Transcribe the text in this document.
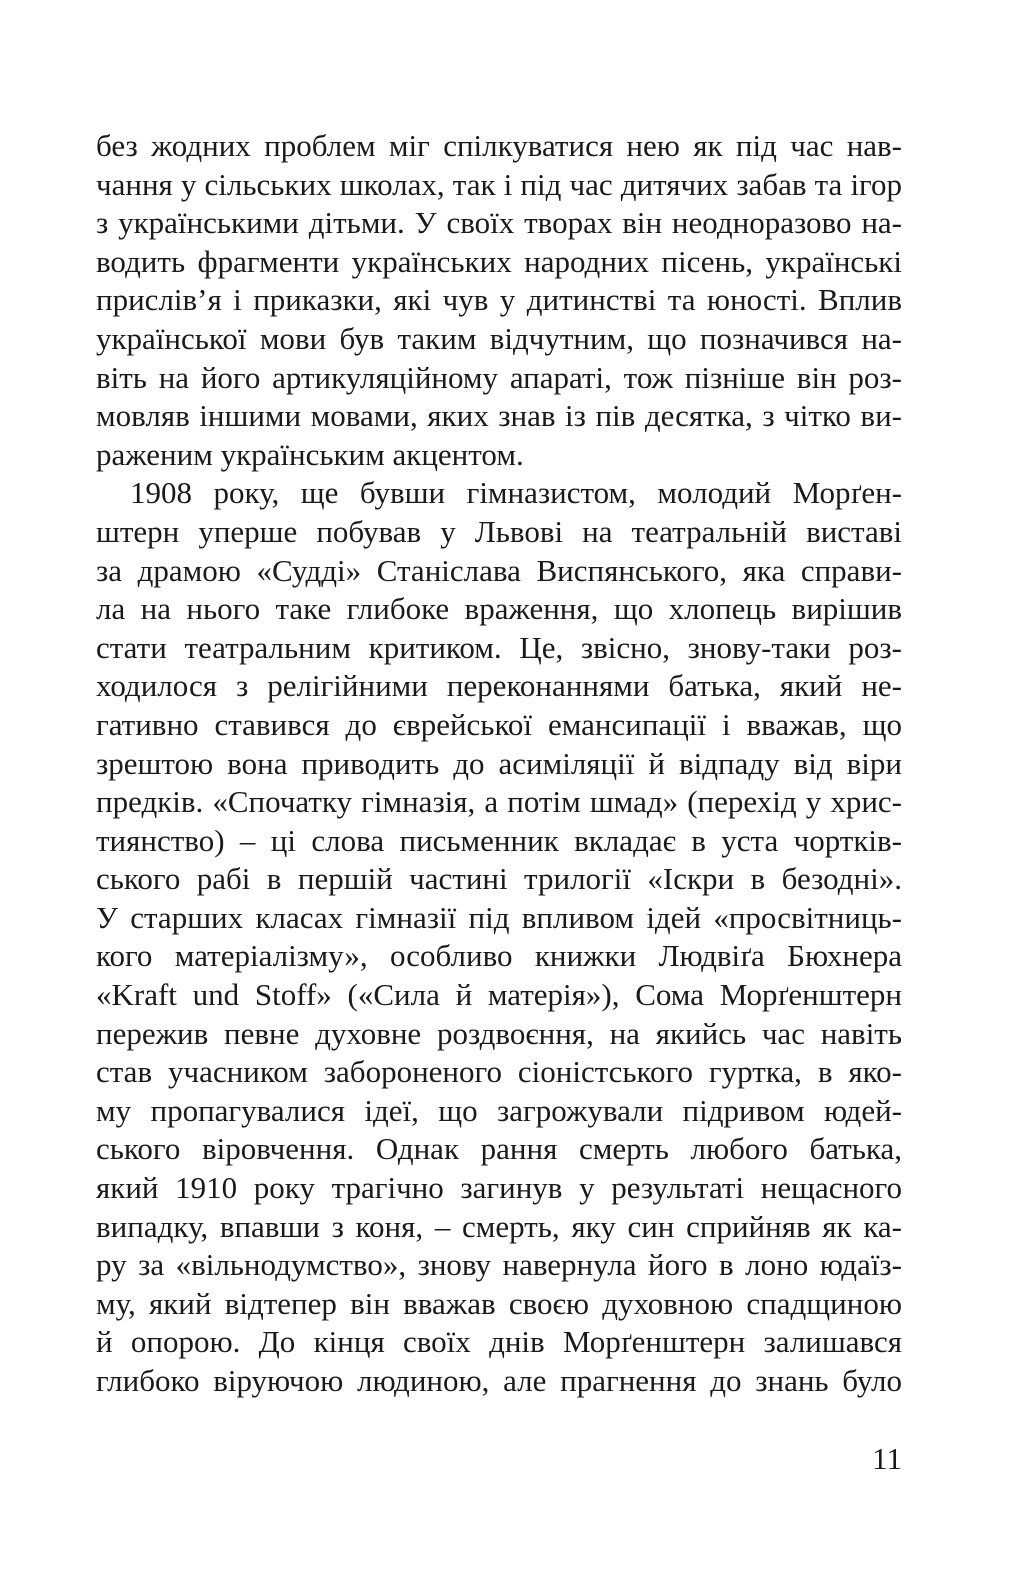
без жодних проблем міг спілкуватися нею як під час нав-
чання у сільських школах, так і під час дитячих забав та ігор
з українськими дітьми. У своїх творах він неодноразово на-
водить фрагменти українських народних пісень, українські
прислів’я і приказки, які чув у дитинстві та юності. Вплив
української мови був таким відчутним, що позначився на-
віть на його артикуляційному апараті, тож пізніше він роз-
мовляв іншими мовами, яких знав із пів десятка, з чітко ви-
раженим українським акцентом.
1908 року, ще бувши гімназистом, молодий Морґен-
штерн уперше побував у Львові на театральній виставі
за драмою «Судді» Станіслава Виспянського, яка справи-
ла на нього таке глибоке враження, що хлопець вирішив
стати театральним критиком. Це, звісно, знову-таки роз-
ходилося з релігійними переконаннями батька, який не-
гативно ставився до єврейської емансипації і вважав, що
зрештою вона приводить до асиміляції й відпаду від віри
предків. «Спочатку гімназія, а потім шмад» (перехід у хрис-
тиянство) – ці слова письменник вкладає в уста чортків-
ського рабі в першій частині трилогії «Іскри в безодні».
У старших класах гімназії під впливом ідей «просвітниць-
кого матеріалізму», особливо книжки Людвіґа Бюхнера
«Kraft und Stoff» («Сила й матерія»), Сома Морґенштерн
пережив певне духовне роздвоєння, на якийсь час навіть
став учасником забороненого сіоністського гуртка, в яко-
му пропагувалися ідеї, що загрожували підривом юдей-
ського віровчення. Однак рання смерть любого батька,
який 1910 року трагічно загинув у результаті нещасного
випадку, впавши з коня, – смерть, яку син сприйняв як ка-
ру за «вільнодумство», знову навернула його в лоно юдаїз-
му, який відтепер він вважав своєю духовною спадщиною
й опорою. До кінця своїх днів Морґенштерн залишався
глибоко віруючою людиною, але прагнення до знань було
11
